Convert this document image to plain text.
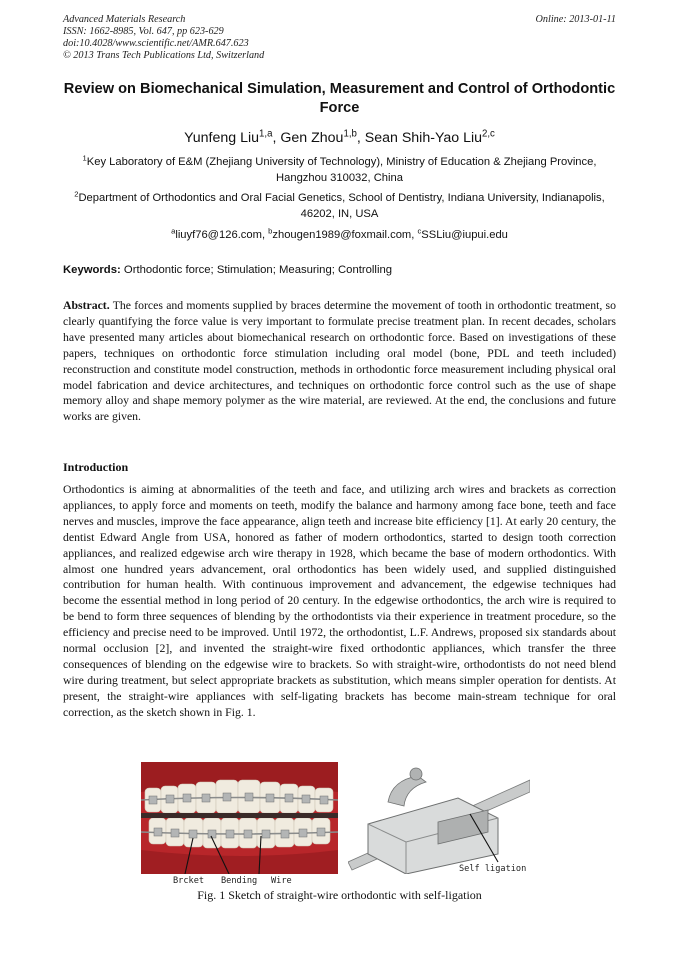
Advanced Materials Research
ISSN: 1662-8985, Vol. 647, pp 623-629
doi:10.4028/www.scientific.net/AMR.647.623
© 2013 Trans Tech Publications Ltd, Switzerland
Online: 2013-01-11
Review on Biomechanical Simulation, Measurement and Control of Orthodontic Force
Yunfeng Liu$^{1,a}$, Gen Zhou$^{1,b}$, Sean Shih-Yao Liu$^{2,c}$
$^1$Key Laboratory of E&M (Zhejiang University of Technology), Ministry of Education & Zhejiang Province, Hangzhou 310032, China
$^2$Department of Orthodontics and Oral Facial Genetics, School of Dentistry, Indiana University, Indianapolis, 46202, IN, USA
$^a$liuyf76@126.com, $^b$zhougen1989@foxmail.com, $^c$SSLiu@iupui.edu
Keywords: Orthodontic force; Stimulation; Measuring; Controlling
Abstract. The forces and moments supplied by braces determine the movement of tooth in orthodontic treatment, so clearly quantifying the force value is very important to formulate precise treatment plan. In recent decades, scholars have presented many articles about biomechanical research on orthodontic force. Based on investigations of these papers, techniques on orthodontic force stimulation including oral model (bone, PDL and teeth included) reconstruction and constitute model construction, methods in orthodontic force measurement including physical oral model fabrication and device architectures, and techniques on orthodontic force control such as the use of shape memory alloy and shape memory polymer as the wire material, are reviewed. At the end, the conclusions and future works are given.
Introduction
Orthodontics is aiming at abnormalities of the teeth and face, and utilizing arch wires and brackets as correction appliances, to apply force and moments on teeth, modify the balance and harmony among face bone, teeth and face nerves and muscles, improve the face appearance, align teeth and increase bite efficiency [1]. At early 20 century, the dentist Edward Angle from USA, honored as father of modern orthodontics, started to design tooth correction appliances, and realized edgewise arch wire therapy in 1928, which became the base of modern orthodontics. With almost one hundred years advancement, oral orthodontics has been widely used, and supplied distinguished contribution for human health. With continuous improvement and advancement, the edgewise techniques had become the essential method in long period of 20 century. In the edgewise orthodontics, the arch wire is required to be bend to form three sequences of blending by the orthodontists via their experience in treatment procedure, so the efficiency and precise need to be improved. Until 1972, the orthodontist, L.F. Andrews, proposed six standards about normal occlusion [2], and invented the straight-wire fixed orthodontic appliances, which transfer the three consequences of blending on the edgewise wire to brackets. So with straight-wire, orthodontists do not need blend wire during treatment, but select appropriate brackets as substitution, which means simpler operation for dentists. At present, the straight-wire appliances with self-ligating brackets has become main-stream technique for oral correction, as the sketch shown in Fig. 1.
Brcket Bending Wire
Self ligation
Fig. 1 Sketch of straight-wire orthodontic with self-ligation
